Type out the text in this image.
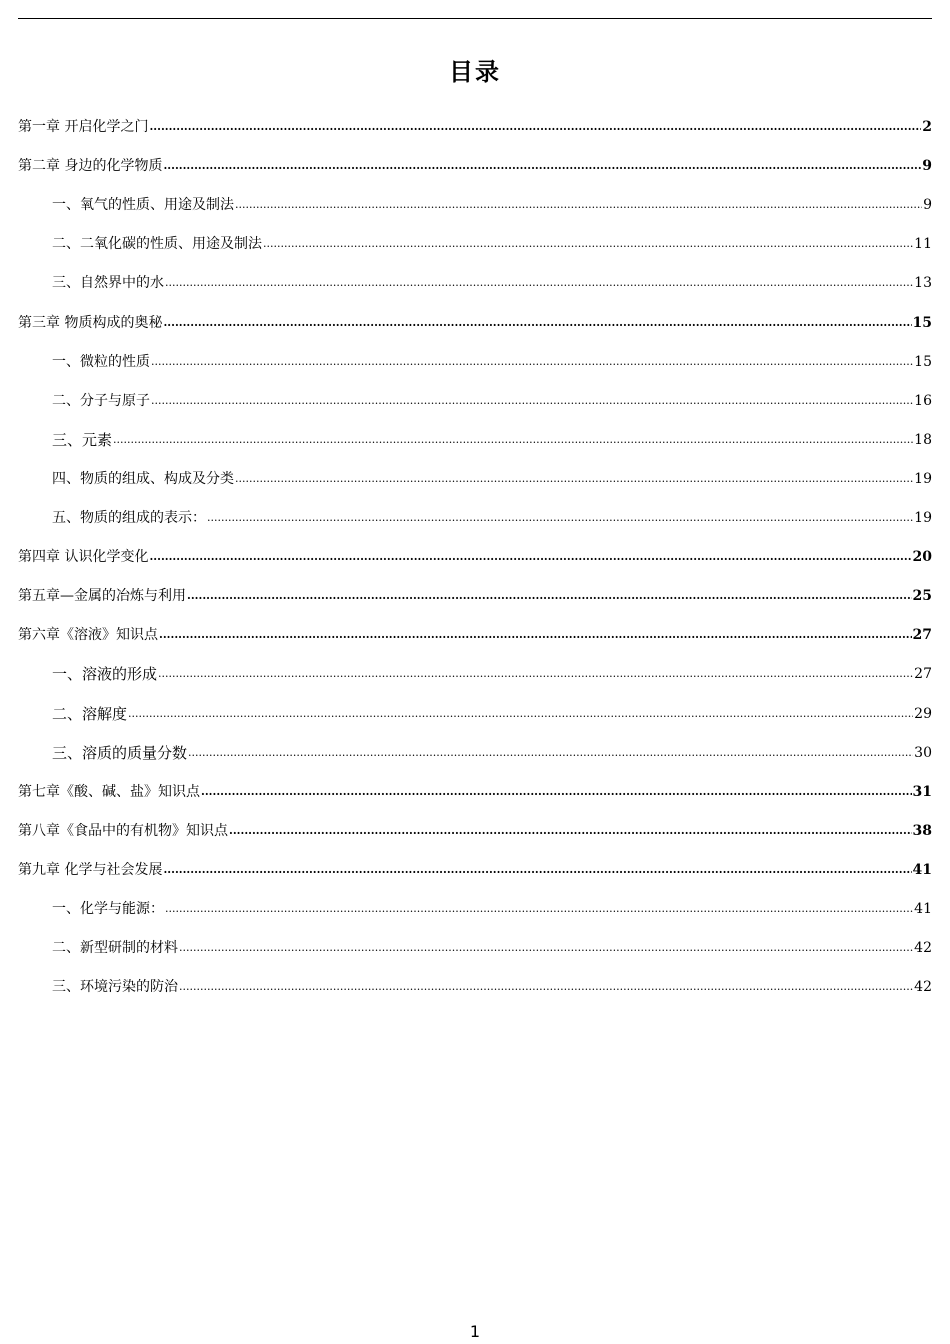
目录
第一章 开启化学之门 .....	2
第二章 身边的化学物质 .....	9
一、氧气的性质、用途及制法 .....	9
二、二氧化碳的性质、用途及制法 .....	11
三、自然界中的水 .....	13
第三章 物质构成的奥秘 .....	15
一、微粒的性质 .....	15
二、分子与原子 .....	16
三、元素 .....	18
四、物质的组成、构成及分类 .....	19
五、物质的组成的表示： .....	19
第四章 认识化学变化 .....	20
第五章—金属的冶炼与利用 .....	25
第六章《溶液》知识点 .....	27
一、溶液的形成 .....	27
二、溶解度 .....	29
三、溶质的质量分数 .....	30
第七章《酸、碱、盐》知识点 .....	31
第八章《食品中的有机物》知识点 .....	38
第九章 化学与社会发展 .....	41
一、化学与能源： .....	41
二、新型研制的材料 .....	42
三、环境污染的防治 .....	42
1
